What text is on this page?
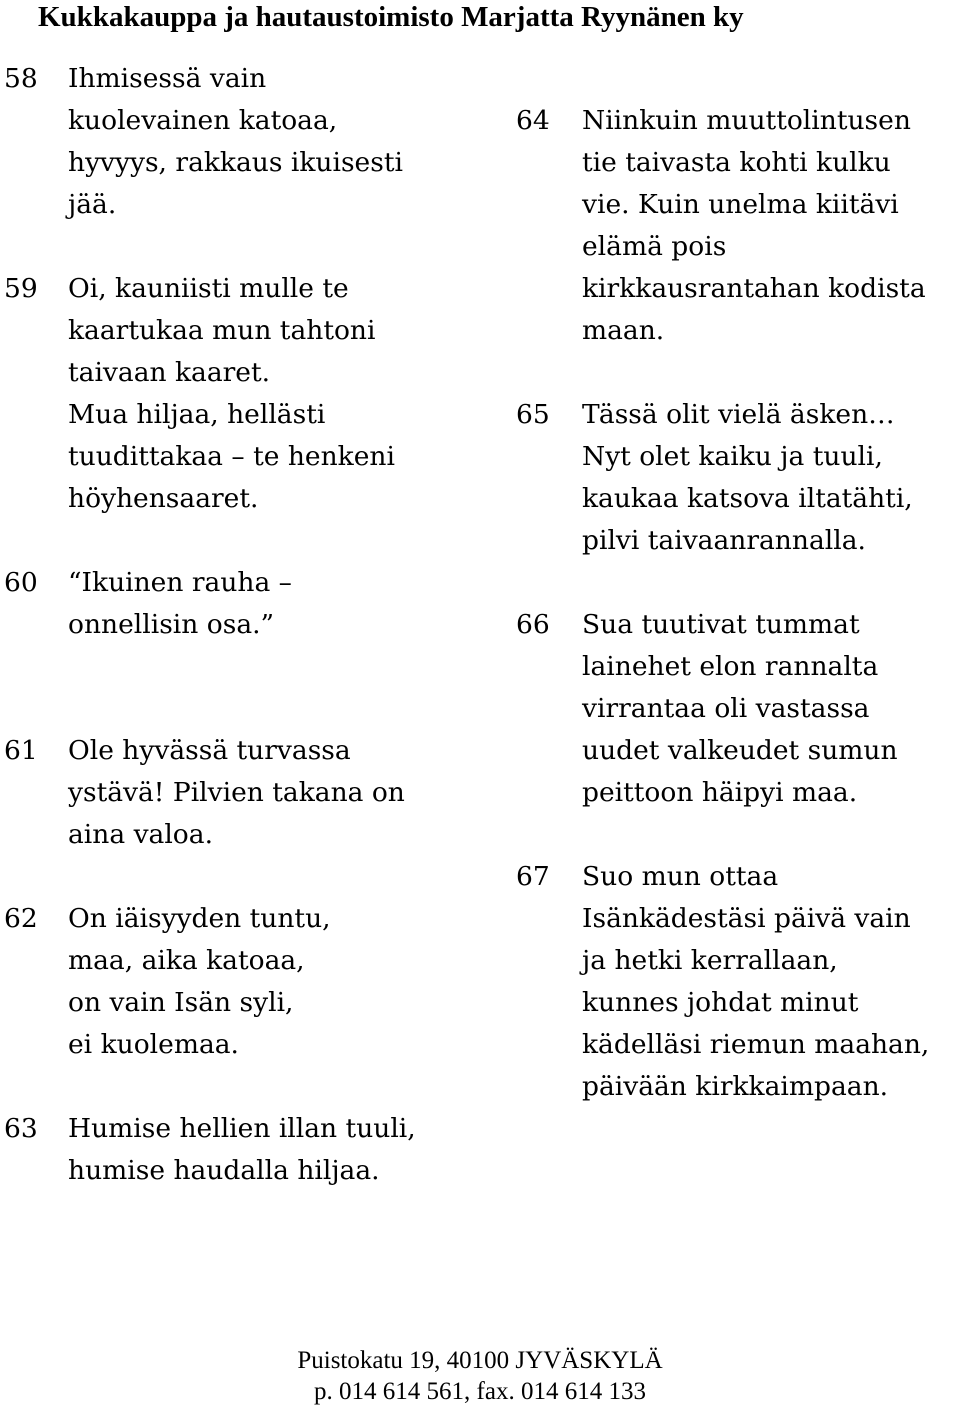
Kukkakauppa ja hautaustoimisto Marjatta Ryynänen ky
58 Ihmisessä vain
kuolevainen katoaa,
hyvyys, rakkaus ikuisesti
jää.
59 Oi, kauniisti mulle te
kaartukaa mun tahtoni
taivaan kaaret.
Mua hiljaa, hellästi
tuudittakaa – te henkeni
höyhensaaret.
60 “Ikuinen rauha –
onnellisin osa.”
61 Ole hyvässä turvassa
ystävä! Pilvien takana on
aina valoa.
62 On iäisyyden tuntu,
maa, aika katoaa,
on vain Isän syli,
ei kuolemaa.
63 Humise hellien illan tuuli,
humise haudalla hiljaa.
64 Niinkuin muuttolintusen
tie taivasta kohti kulku
vie. Kuin unelma kiitävi
elämä pois
kirkkausrantahan kodista
maan.
65 Tässä olit vielä äsken…
Nyt olet kaiku ja tuuli,
kaukaa katsova iltatähti,
pilvi taivaanrannalla.
66 Sua tuutivat tummat
lainehet elon rannalta
virrantaa oli vastassa
uudet valkeudet sumun
peittoon häipyi maa.
67 Suo mun ottaa
Isänkädestäsi päivä vain
ja hetki kerrallaan,
kunnes johdat minut
kädelläsi riemun maahan,
päivään kirkkaimpaan.
Puistokatu 19, 40100 JYVÄSKYLÄ
p. 014 614 561, fax. 014 614 133
